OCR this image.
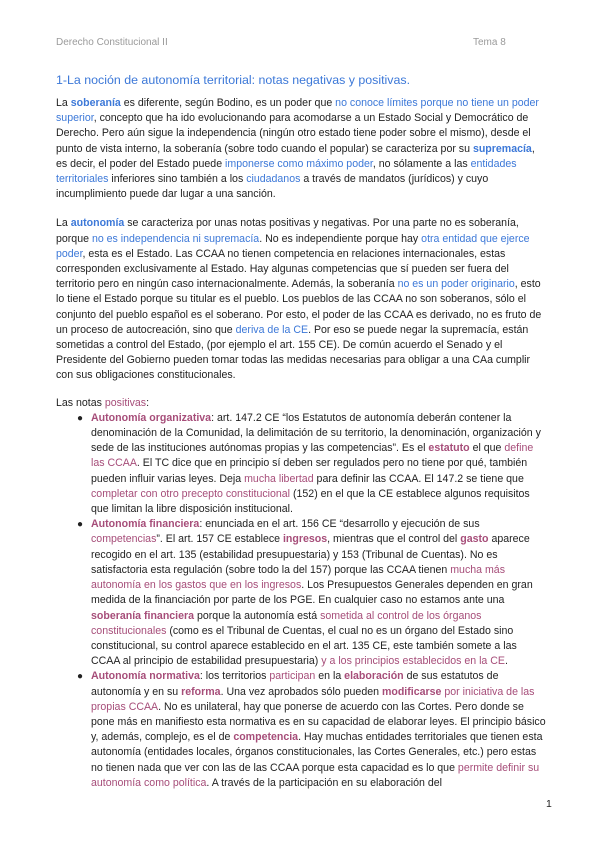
Derecho Constitucional II	Tema 8
1-La noción de autonomía territorial: notas negativas y positivas.

La soberanía es diferente, según Bodino, es un poder que no conoce límites porque no tiene un poder superior, concepto que ha ido evolucionando para acomodarse a un Estado Social y Democrático de Derecho. Pero aún sigue la independencia (ningún otro estado tiene poder sobre el mismo), desde el punto de vista interno, la soberanía (sobre todo cuando el popular) se caracteriza por su supremacía, es decir, el poder del Estado puede imponerse como máximo poder, no sólamente a las entidades territoriales inferiores sino también a los ciudadanos a través de mandatos (jurídicos) y cuyo incumplimiento puede dar lugar a una sanción.

La autonomía se caracteriza por unas notas positivas y negativas. Por una parte no es soberanía, porque no es independencia ni supremacía. No es independiente porque hay otra entidad que ejerce poder, esta es el Estado. Las CCAA no tienen competencia en relaciones internacionales, estas corresponden exclusivamente al Estado. Hay algunas competencias que sí pueden ser fuera del territorio pero en ningún caso internacionalmente. Además, la soberanía no es un poder originario, esto lo tiene el Estado porque su titular es el pueblo. Los pueblos de las CCAA no son soberanos, sólo el conjunto del pueblo español es el soberano. Por esto, el poder de las CCAA es derivado, no es fruto de un proceso de autocreación, sino que deriva de la CE. Por eso se puede negar la supremacía, están sometidas a control del Estado, (por ejemplo el art. 155 CE). De común acuerdo el Senado y el Presidente del Gobierno pueden tomar todas las medidas necesarias para obligar a una CAa cumplir con sus obligaciones constitucionales.

Las notas positivas:

● Autonomía organizativa: art. 147.2 CE “los Estatutos de autonomía deberán contener la denominación de la Comunidad, la delimitación de su territorio, la denominación, organización y sede de las instituciones autónomas propias y las competencias”. Es el estatuto el que define las CCAA. El TC dice que en principio sí deben ser regulados pero no tiene por qué, también pueden influir varias leyes. Deja mucha libertad para definir las CCAA. El 147.2 se tiene que completar con otro precepto constitucional (152) en el que la CE establece algunos requisitos que limitan la libre disposición institucional.
● Autonomía financiera: enunciada en el art. 156 CE “desarrollo y ejecución de sus competencias”. El art. 157 CE establece ingresos, mientras que el control del gasto aparece recogido en el art. 135 (estabilidad presupuestaria) y 153 (Tribunal de Cuentas). No es satisfactoria esta regulación (sobre todo la del 157) porque las CCAA tienen mucha más autonomía en los gastos que en los ingresos. Los Presupuestos Generales dependen en gran medida de la financiación por parte de los PGE. En cualquier caso no estamos ante una soberanía financiera porque la autonomía está sometida al control de los órganos constitucionales (como es el Tribunal de Cuentas, el cual no es un órgano del Estado sino constitucional, su control aparece establecido en el art. 135 CE, este también somete a las CCAA al principio de estabilidad presupuestaria) y a los principios establecidos en la CE.
● Autonomía normativa: los territorios participan en la elaboración de sus estatutos de autonomía y en su reforma. Una vez aprobados sólo pueden modificarse por iniciativa de las propias CCAA. No es unilateral, hay que ponerse de acuerdo con las Cortes. Pero donde se pone más en manifiesto esta normativa es en su capacidad de elaborar leyes. El principio básico y, además, complejo, es el de competencia. Hay muchas entidades territoriales que tienen esta autonomía (entidades locales, órganos constitucionales, las Cortes Generales, etc.) pero estas no tienen nada que ver con las de las CCAA porque esta capacidad es lo que permite definir su autonomía como política. A través de la participación en su elaboración del
1
